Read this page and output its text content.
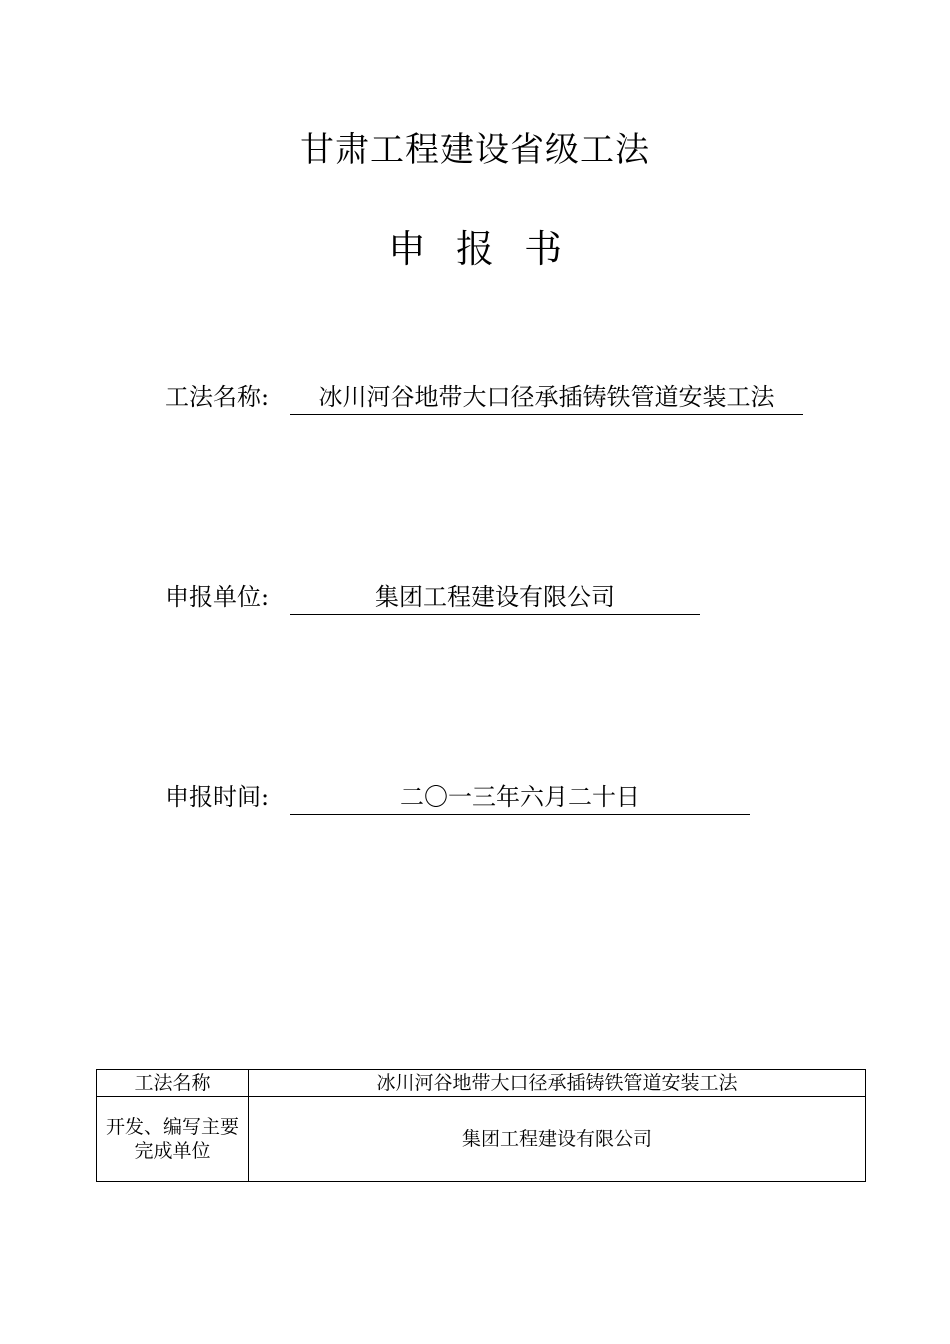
甘肃工程建设省级工法
申 报 书
工法名称:	冰川河谷地带大口径承插铸铁管道安装工法
申报单位:	集团工程建设有限公司
申报时间:	二〇一三年六月二十日
工法名称	冰川河谷地带大口径承插铸铁管道安装工法
开发、编写主要完成单位	集团工程建设有限公司
